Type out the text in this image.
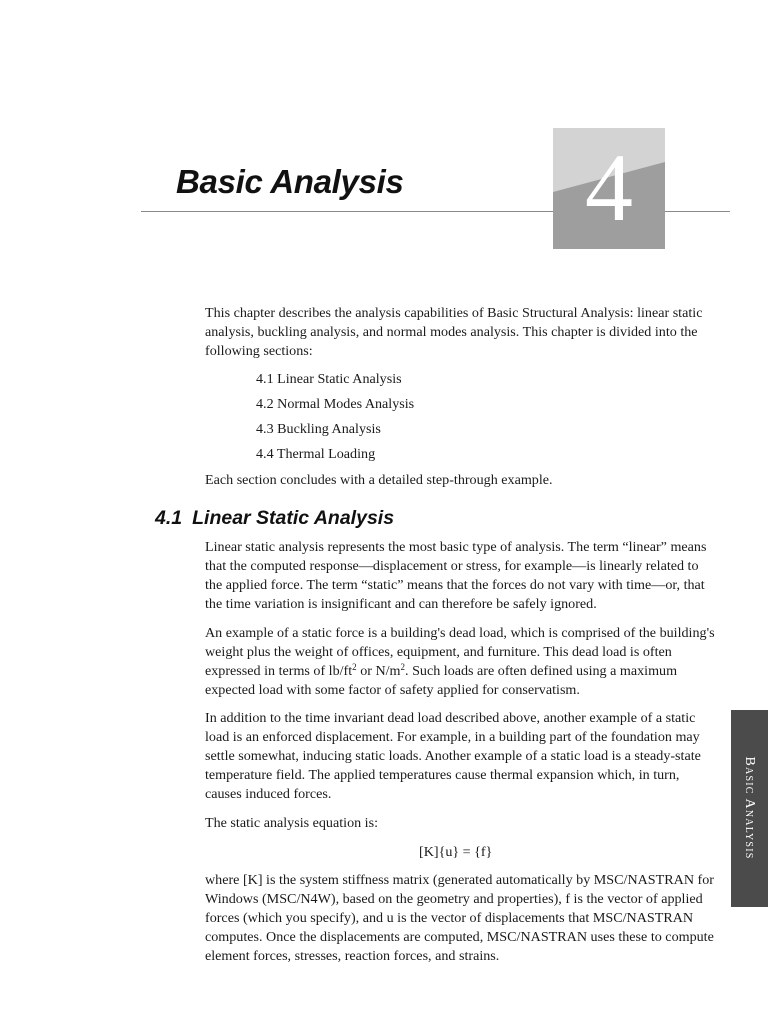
Basic Analysis	4

This chapter describes the analysis capabilities of Basic Structural Analysis: linear static analysis, buckling analysis, and normal modes analysis. This chapter is divided into the following sections:

4.1 Linear Static Analysis
4.2 Normal Modes Analysis
4.3 Buckling Analysis
4.4 Thermal Loading

Each section concludes with a detailed step-through example.

4.1 Linear Static Analysis

Linear static analysis represents the most basic type of analysis. The term “linear” means that the computed response—displacement or stress, for example—is linearly related to the applied force. The term “static” means that the forces do not vary with time—or, that the time variation is insignificant and can therefore be safely ignored.

An example of a static force is a building's dead load, which is comprised of the building's weight plus the weight of offices, equipment, and furniture. This dead load is often expressed in terms of $lb/ft^2$ or $N/m^2$. Such loads are often defined using a maximum expected load with some factor of safety applied for conservatism.

In addition to the time invariant dead load described above, another example of a static load is an enforced displacement. For example, in a building part of the foundation may settle somewhat, inducing static loads. Another example of a static load is a steady-state temperature field. The applied temperatures cause thermal expansion which, in turn, causes induced forces.

The static analysis equation is:

[K]{u} = {f}

where [K] is the system stiffness matrix (generated automatically by MSC/NASTRAN for Windows (MSC/N4W), based on the geometry and properties), f is the vector of applied forces (which you specify), and u is the vector of displacements that MSC/NASTRAN computes. Once the displacements are computed, MSC/NASTRAN uses these to compute element forces, stresses, reaction forces, and strains.

Basic Analysis
